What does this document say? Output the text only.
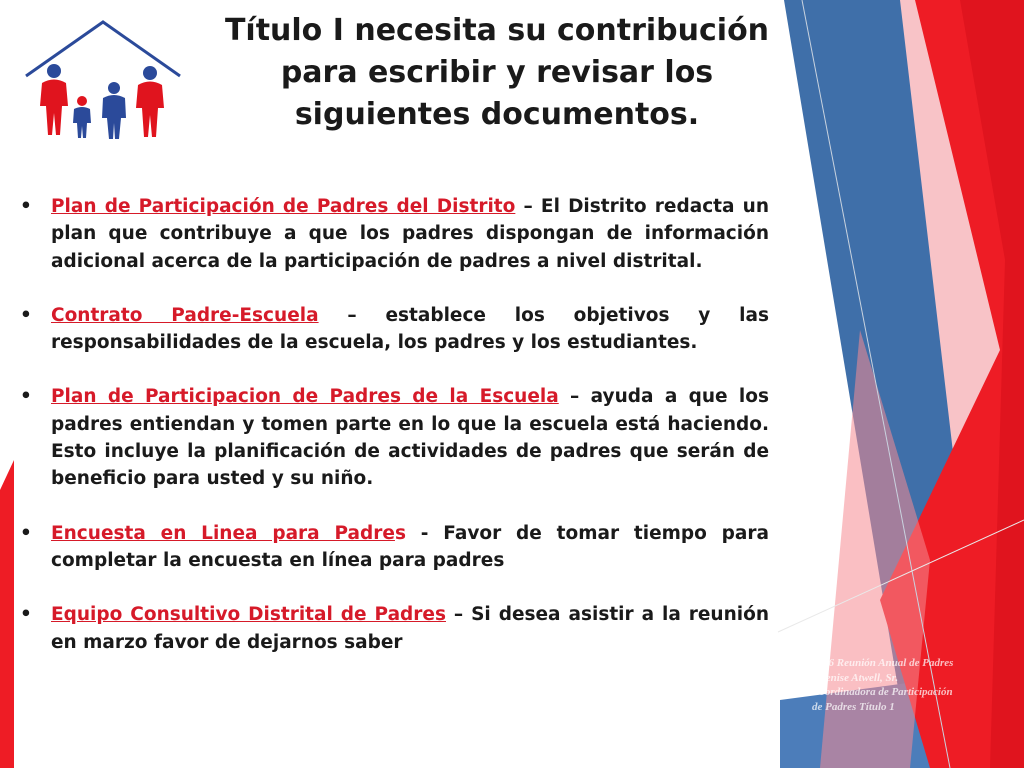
Título I necesita su contribución para escribir y revisar los siguientes documentos.
• Plan de Participación de Padres del Distrito – El Distrito redacta un plan que contribuye a que los padres dispongan de información adicional acerca de la participación de padres a nivel distrital.
• Contrato Padre-Escuela – establece los objetivos y las responsabilidades de la escuela, los padres y los estudiantes.
• Plan de Participacion de Padres de la Escuela – ayuda a que los padres entiendan y tomen parte en lo que la escuela está haciendo. Esto incluye la planificación de actividades de padres que serán de beneficio para usted y su niño.
• Encuesta en Linea para Padres - Favor de tomar tiempo para completar la encuesta en línea para padres
• Equipo Consultivo Distrital de Padres – Si desea asistir a la reunión en marzo favor de dejarnos saber
2016 Reunión Anual de Padres
/ Denise Atwell, Sr.
Coordinadora de Participación
de Padres Título 1
